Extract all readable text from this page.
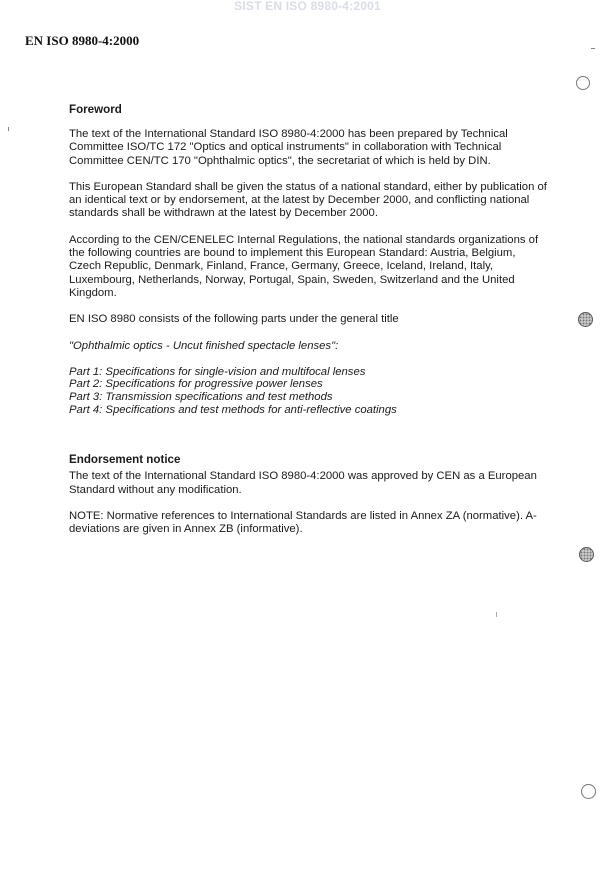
SIST EN ISO 8980-4:2001
EN ISO 8980-4:2000
Foreword

The text of the International Standard ISO 8980-4:2000 has been prepared by Technical Committee ISO/TC 172 "Optics and optical instruments" in collaboration with Technical Committee CEN/TC 170 "Ophthalmic optics", the secretariat of which is held by DIN.

This European Standard shall be given the status of a national standard, either by publication of an identical text or by endorsement, at the latest by December 2000, and conflicting national standards shall be withdrawn at the latest by December 2000.

According to the CEN/CENELEC Internal Regulations, the national standards organizations of the following countries are bound to implement this European Standard: Austria, Belgium, Czech Republic, Denmark, Finland, France, Germany, Greece, Iceland, Ireland, Italy, Luxembourg, Netherlands, Norway, Portugal, Spain, Sweden, Switzerland and the United Kingdom.

EN ISO 8980 consists of the following parts under the general title

"Ophthalmic optics - Uncut finished spectacle lenses":

Part 1: Specifications for single-vision and multifocal lenses
Part 2: Specifications for progressive power lenses
Part 3: Transmission specifications and test methods
Part 4: Specifications and test methods for anti-reflective coatings
Endorsement notice

The text of the International Standard ISO 8980-4:2000 was approved by CEN as a European Standard without any modification.

NOTE: Normative references to International Standards are listed in Annex ZA (normative). A-deviations are given in Annex ZB (informative).
